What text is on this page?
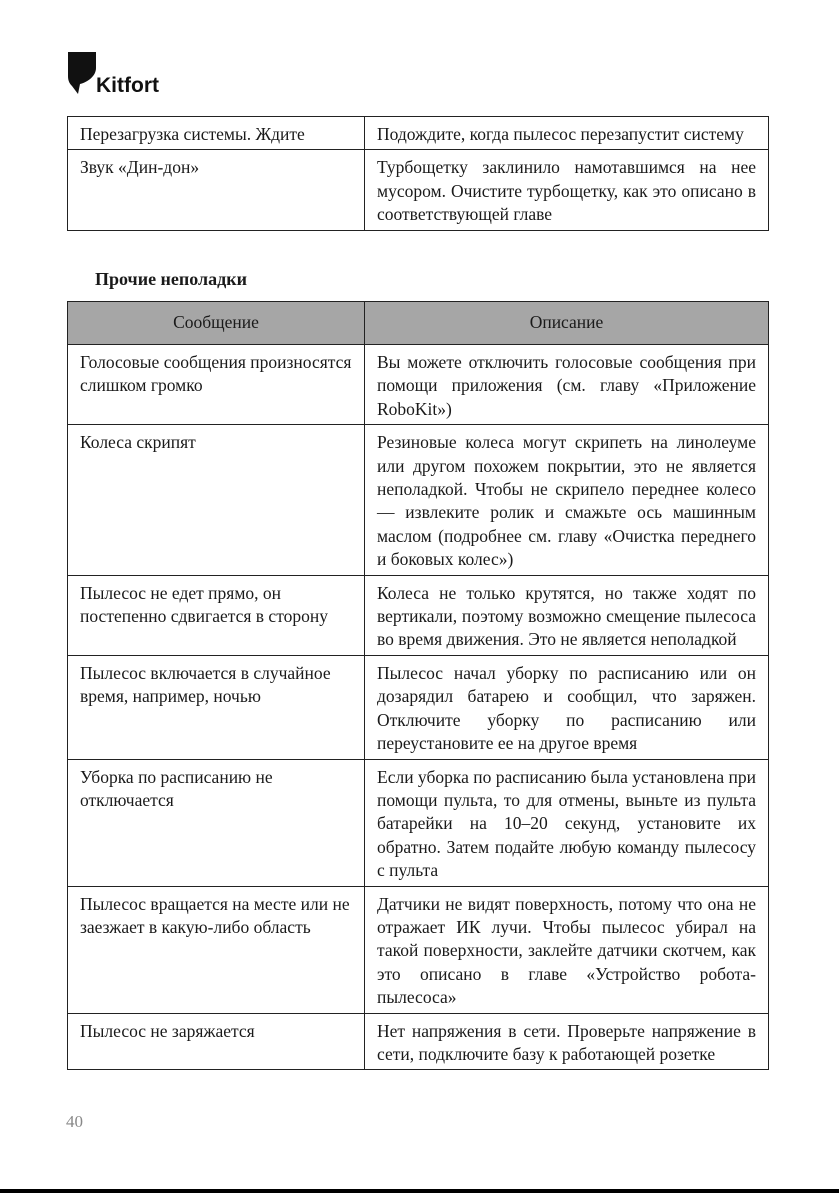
Kitfort
Перезагрузка системы. Ждите	Подождите, когда пылесос перезапустит систему
Звук «Дин-дон»	Турбощетку заклинило намотавшимся на нее мусором. Очистите турбощетку, как это описано в соответствующей главе
Прочие неполадки
Сообщение	Описание
Голосовые сообщения произносятся слишком громко	Вы можете отключить голосовые сообщения при помощи приложения (см. главу «Приложение RoboKit»)
Колеса скрипят	Резиновые колеса могут скрипеть на линолеуме или другом похожем покрытии, это не является неполадкой. Чтобы не скрипело переднее колесо — извлеките ролик и смажьте ось машинным маслом (подробнее см. главу «Очистка переднего и боковых колес»)
Пылесос не едет прямо, он постепенно сдвигается в сторону	Колеса не только крутятся, но также ходят по вертикали, поэтому возможно смещение пылесоса во время движения. Это не является неполадкой
Пылесос включается в случайное время, например, ночью	Пылесос начал уборку по расписанию или он дозарядил батарею и сообщил, что заряжен. Отключите уборку по расписанию или переустановите ее на другое время
Уборка по расписанию не отключается	Если уборка по расписанию была установлена при помощи пульта, то для отмены, выньте из пульта батарейки на 10–20 секунд, установите их обратно. Затем подайте любую команду пылесосу с пульта
Пылесос вращается на месте или не заезжает в какую-либо область	Датчики не видят поверхность, потому что она не отражает ИК лучи. Чтобы пылесос убирал на такой поверхности, заклейте датчики скотчем, как это описано в главе «Устройство робота-пылесоса»
Пылесос не заряжается	Нет напряжения в сети. Проверьте напряжение в сети, подключите базу к работающей розетке
40
